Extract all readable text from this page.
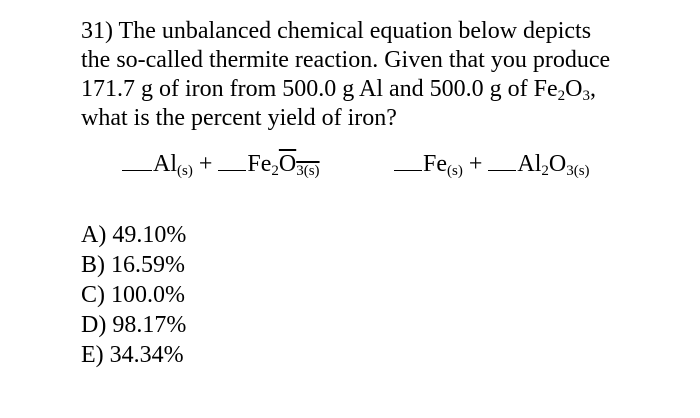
31) The unbalanced chemical equation below depicts
the so-called thermite reaction. Given that you produce
171.7 g of iron from 500.0 g Al and 500.0 g of $Fe_2O_3$,
what is the percent yield of iron?
$Al_{(s)} + Fe_2O_{3(s)}$	$Fe_{(s)} + Al_2O_{3(s)}$
A) 49.10%
B) 16.59%
C) 100.0%
D) 98.17%
E) 34.34%
